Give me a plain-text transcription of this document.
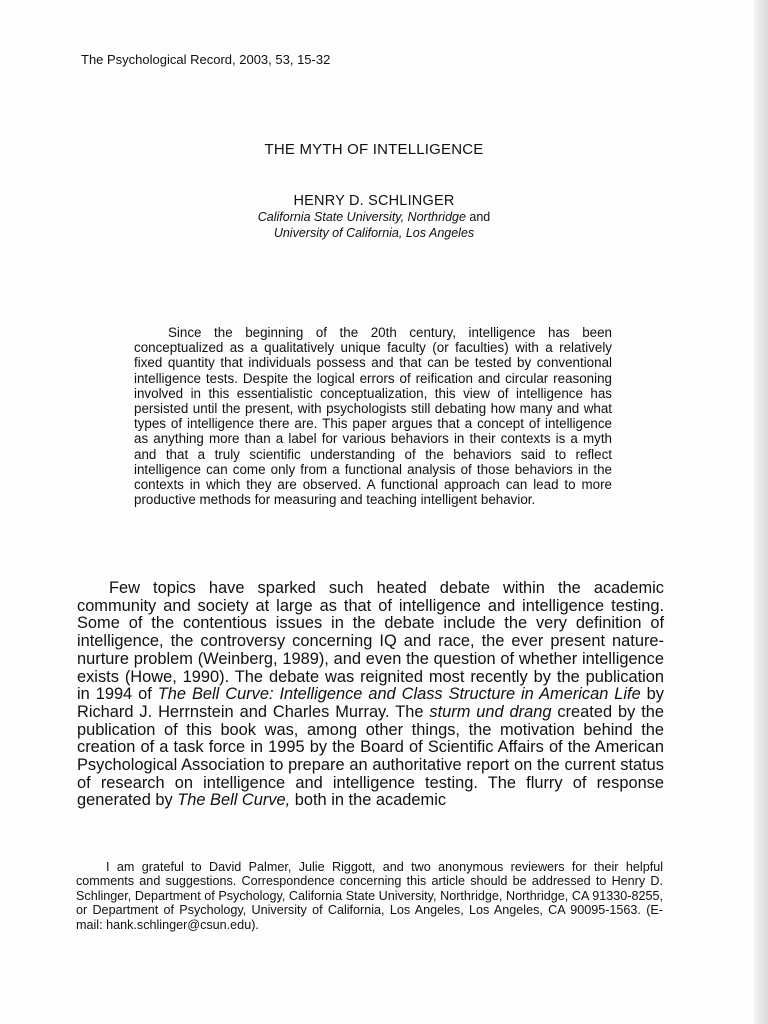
The Psychological Record, 2003, 53, 15-32
THE MYTH OF INTELLIGENCE
HENRY D. SCHLINGER
California State University, Northridge and
University of California, Los Angeles

Since the beginning of the 20th century, intelligence has been conceptualized as a qualitatively unique faculty (or faculties) with a relatively fixed quantity that individuals possess and that can be tested by conventional intelligence tests. Despite the logical errors of reification and circular reasoning involved in this essentialistic conceptualization, this view of intelligence has persisted until the present, with psychologists still debating how many and what types of intelligence there are. This paper argues that a concept of intelligence as anything more than a label for various behaviors in their contexts is a myth and that a truly scientific understanding of the behaviors said to reflect intelligence can come only from a functional analysis of those behaviors in the contexts in which they are observed. A functional approach can lead to more productive methods for measuring and teaching intelligent behavior.

Few topics have sparked such heated debate within the academic community and society at large as that of intelligence and intelligence testing. Some of the contentious issues in the debate include the very definition of intelligence, the controversy concerning IQ and race, the ever present nature-nurture problem (Weinberg, 1989), and even the question of whether intelligence exists (Howe, 1990). The debate was reignited most recently by the publication in 1994 of The Bell Curve: Intelligence and Class Structure in American Life by Richard J. Herrnstein and Charles Murray. The sturm und drang created by the publication of this book was, among other things, the motivation behind the creation of a task force in 1995 by the Board of Scientific Affairs of the American Psychological Association to prepare an authoritative report on the current status of research on intelligence and intelligence testing. The flurry of response generated by The Bell Curve, both in the academic

I am grateful to David Palmer, Julie Riggott, and two anonymous reviewers for their helpful comments and suggestions. Correspondence concerning this article should be addressed to Henry D. Schlinger, Department of Psychology, California State University, Northridge, Northridge, CA 91330-8255, or Department of Psychology, University of California, Los Angeles, Los Angeles, CA 90095-1563. (E-mail: hank.schlinger@csun.edu).
